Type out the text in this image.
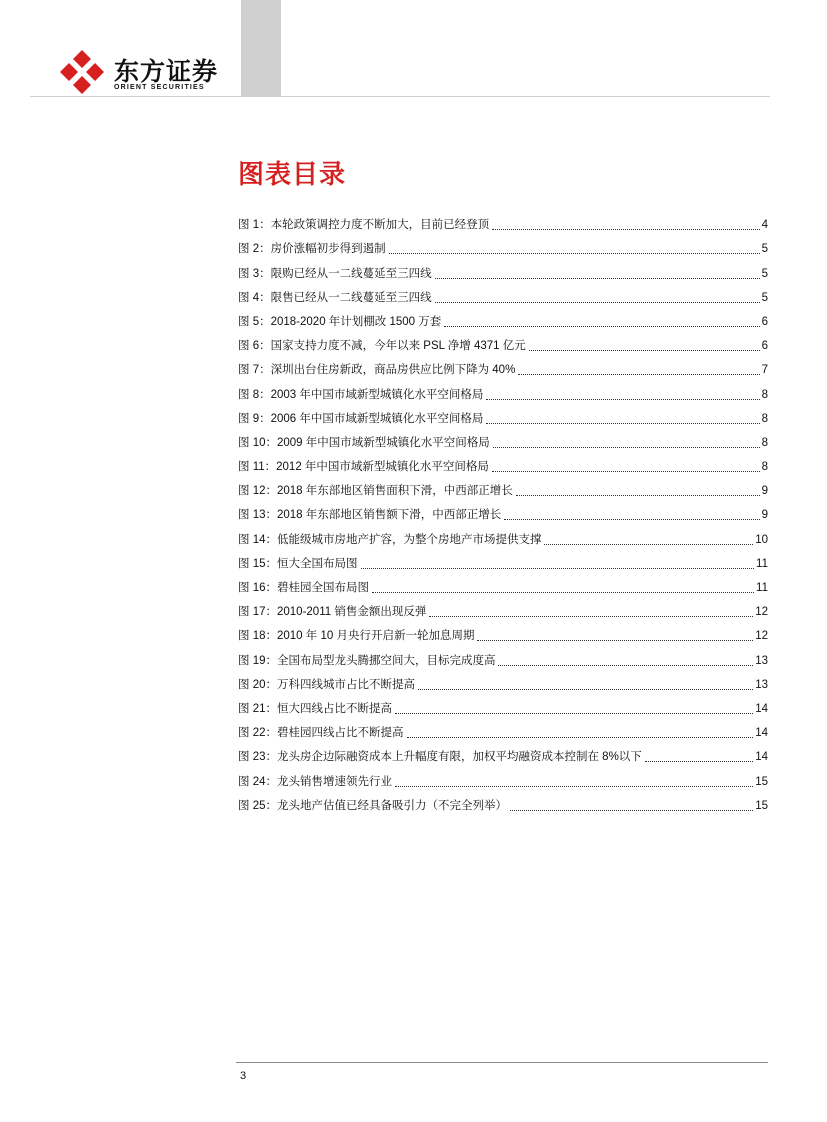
东方证券
ORIENT SECURITIES
图表目录
图 1：本轮政策调控力度不断加大，目前已经登顶	4
图 2：房价涨幅初步得到遏制	5
图 3：限购已经从一二线蔓延至三四线	5
图 4：限售已经从一二线蔓延至三四线	5
图 5：2018-2020 年计划棚改 1500 万套	6
图 6：国家支持力度不减，今年以来 PSL 净增 4371 亿元	6
图 7：深圳出台住房新政，商品房供应比例下降为 40%	7
图 8：2003 年中国市域新型城镇化水平空间格局	8
图 9：2006 年中国市域新型城镇化水平空间格局	8
图 10：2009 年中国市域新型城镇化水平空间格局	8
图 11：2012 年中国市域新型城镇化水平空间格局	8
图 12：2018 年东部地区销售面积下滑，中西部正增长	9
图 13：2018 年东部地区销售额下滑，中西部正增长	9
图 14：低能级城市房地产扩容，为整个房地产市场提供支撑	10
图 15：恒大全国布局图	11
图 16：碧桂园全国布局图	11
图 17：2010-2011 销售金额出现反弹	12
图 18：2010 年 10 月央行开启新一轮加息周期	12
图 19：全国布局型龙头腾挪空间大，目标完成度高	13
图 20：万科四线城市占比不断提高	13
图 21：恒大四线占比不断提高	14
图 22：碧桂园四线占比不断提高	14
图 23：龙头房企边际融资成本上升幅度有限，加权平均融资成本控制在 8%以下	14
图 24：龙头销售增速领先行业	15
图 25：龙头地产估值已经具备吸引力（不完全列举）	15
3
